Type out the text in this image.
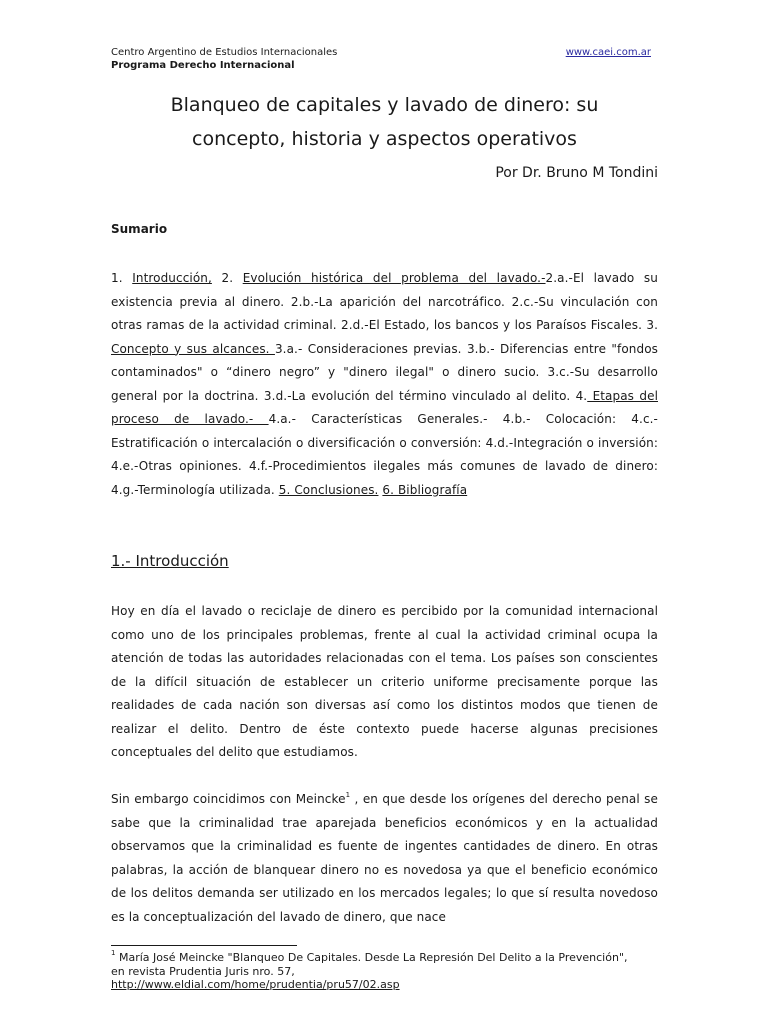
Centro Argentino de Estudios Internacionales
Programa Derecho Internacional
www.caei.com.ar
Blanqueo de capitales y lavado de dinero: su
concepto, historia y aspectos operativos
Por Dr. Bruno M Tondini
Sumario
1. Introducción, 2. Evolución histórica del problema del lavado.-2.a.-El lavado su existencia previa al dinero. 2.b.-La aparición del narcotráfico. 2.c.-Su vinculación con otras ramas de la actividad criminal. 2.d.-El Estado, los bancos y los Paraísos Fiscales. 3. Concepto y sus alcances. 3.a.- Consideraciones previas. 3.b.- Diferencias entre "fondos contaminados" o “dinero negro” y "dinero ilegal" o dinero sucio. 3.c.-Su desarrollo general por la doctrina. 3.d.-La evolución del término vinculado al delito. 4. Etapas del proceso de lavado.- 4.a.- Características Generales.- 4.b.- Colocación: 4.c.- Estratificación o intercalación o diversificación o conversión: 4.d.-Integración o inversión: 4.e.-Otras opiniones. 4.f.-Procedimientos ilegales más comunes de lavado de dinero: 4.g.-Terminología utilizada. 5. Conclusiones. 6. Bibliografía
1.- Introducción
Hoy en día el lavado o reciclaje de dinero es percibido por la comunidad internacional como uno de los principales problemas, frente al cual la actividad criminal ocupa la atención de todas las autoridades relacionadas con el tema. Los países son conscientes de la difícil situación de establecer un criterio uniforme precisamente porque las realidades de cada nación son diversas así como los distintos modos que tienen de realizar el delito. Dentro de éste contexto puede hacerse algunas precisiones conceptuales del delito que estudiamos.
Sin embargo coincidimos con Meincke$^1$ , en que desde los orígenes del derecho penal se sabe que la criminalidad trae aparejada beneficios económicos y en la actualidad observamos que la criminalidad es fuente de ingentes cantidades de dinero. En otras palabras, la acción de blanquear dinero no es novedosa ya que el beneficio económico de los delitos demanda ser utilizado en los mercados legales; lo que sí resulta novedoso es la conceptualización del lavado de dinero, que nace
$^1$ María José Meincke "Blanqueo De Capitales. Desde La Represión Del Delito a la Prevención", en revista Prudentia Juris nro. 57,
http://www.eldial.com/home/prudentia/pru57/02.asp
